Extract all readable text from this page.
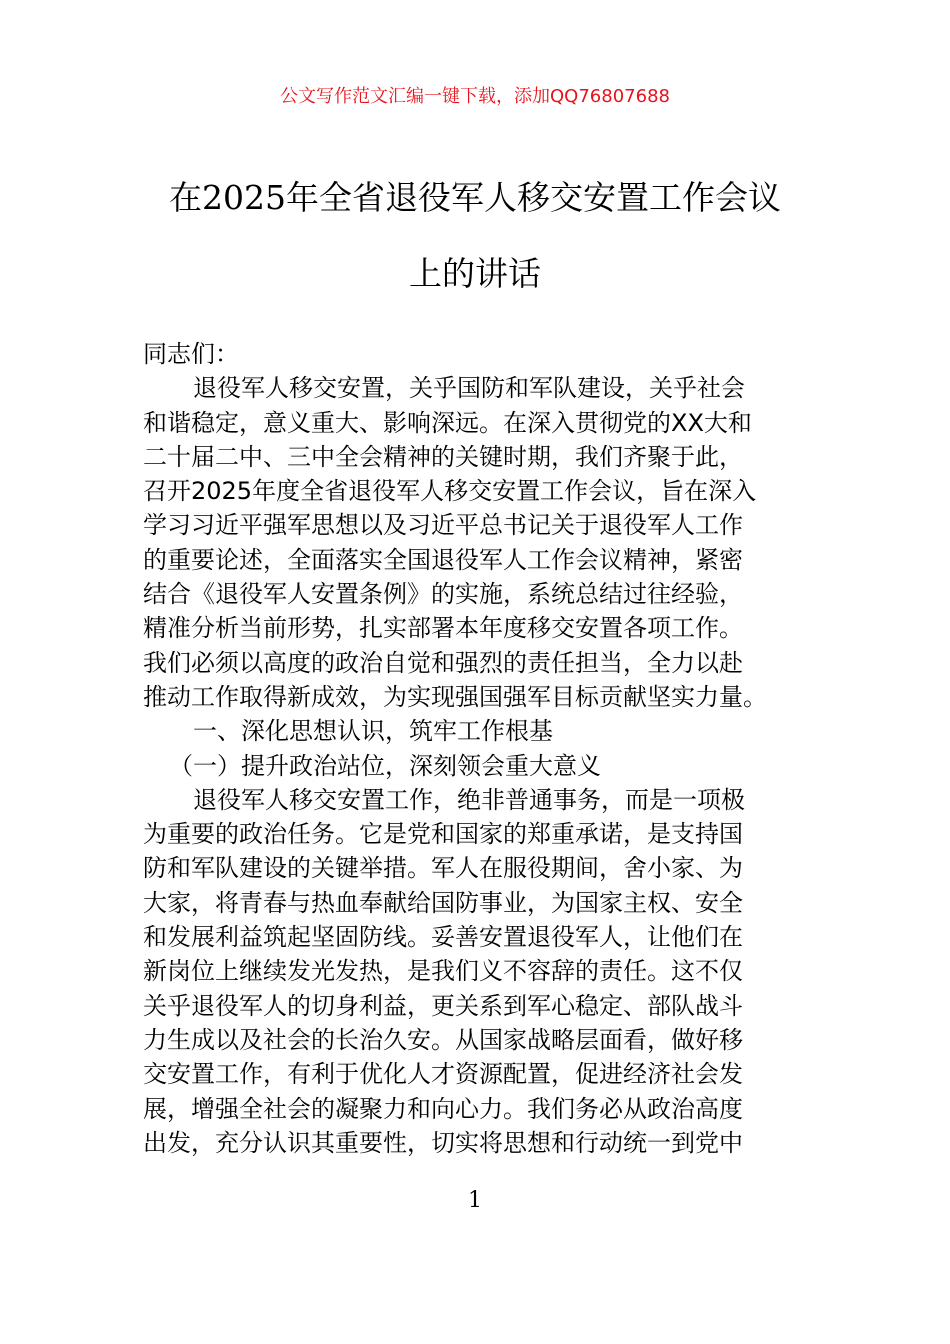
公文写作范文汇编一键下载，添加QQ76807688
在2025年全省退役军人移交安置工作会议
上的讲话
同志们：
退役军人移交安置，关乎国防和军队建设，关乎社会
和谐稳定，意义重大、影响深远。在深入贯彻党的XX大和
二十届二中、三中全会精神的关键时期，我们齐聚于此，
召开2025年度全省退役军人移交安置工作会议，旨在深入
学习习近平强军思想以及习近平总书记关于退役军人工作
的重要论述，全面落实全国退役军人工作会议精神，紧密
结合《退役军人安置条例》的实施，系统总结过往经验，
精准分析当前形势，扎实部署本年度移交安置各项工作。
我们必须以高度的政治自觉和强烈的责任担当，全力以赴
推动工作取得新成效，为实现强国强军目标贡献坚实力量。
一、深化思想认识，筑牢工作根基
（一）提升政治站位，深刻领会重大意义
退役军人移交安置工作，绝非普通事务，而是一项极
为重要的政治任务。它是党和国家的郑重承诺，是支持国
防和军队建设的关键举措。军人在服役期间，舍小家、为
大家，将青春与热血奉献给国防事业，为国家主权、安全
和发展利益筑起坚固防线。妥善安置退役军人，让他们在
新岗位上继续发光发热，是我们义不容辞的责任。这不仅
关乎退役军人的切身利益，更关系到军心稳定、部队战斗
力生成以及社会的长治久安。从国家战略层面看，做好移
交安置工作，有利于优化人才资源配置，促进经济社会发
展，增强全社会的凝聚力和向心力。我们务必从政治高度
出发，充分认识其重要性，切实将思想和行动统一到党中
1
